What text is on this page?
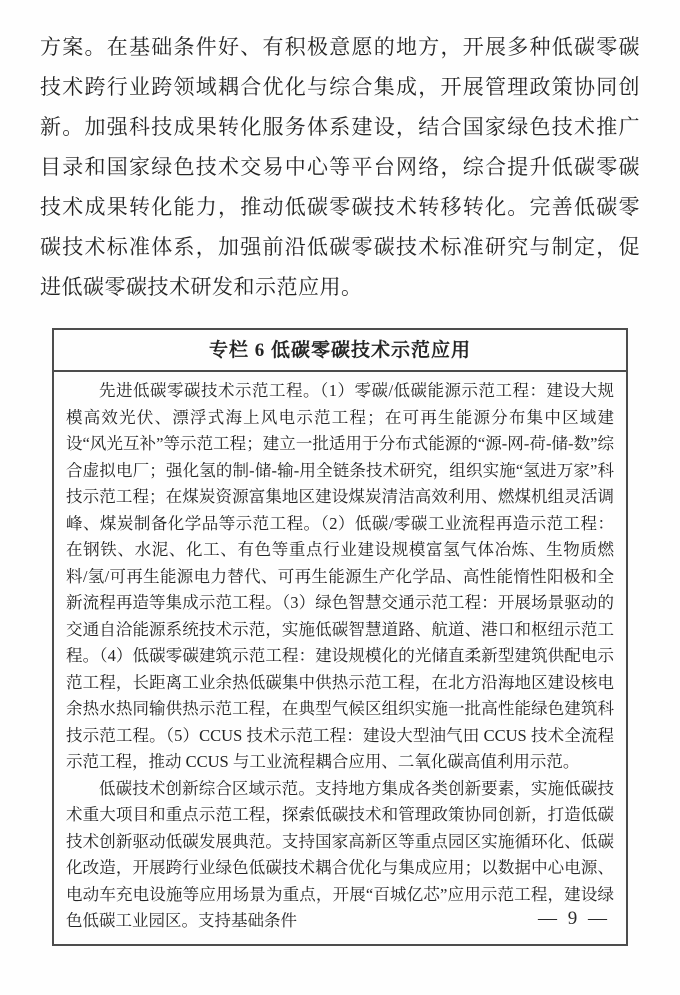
方案。在基础条件好、有积极意愿的地方，开展多种低碳零碳技术跨行业跨领域耦合优化与综合集成，开展管理政策协同创新。加强科技成果转化服务体系建设，结合国家绿色技术推广目录和国家绿色技术交易中心等平台网络，综合提升低碳零碳技术成果转化能力，推动低碳零碳技术转移转化。完善低碳零碳技术标准体系，加强前沿低碳零碳技术标准研究与制定，促进低碳零碳技术研发和示范应用。
专栏 6 低碳零碳技术示范应用

先进低碳零碳技术示范工程。（1）零碳/低碳能源示范工程：建设大规模高效光伏、漂浮式海上风电示范工程；在可再生能源分布集中区域建设“风光互补”等示范工程；建立一批适用于分布式能源的“源-网-荷-储-数”综合虚拟电厂；强化氢的制-储-输-用全链条技术研究，组织实施“氢进万家”科技示范工程；在煤炭资源富集地区建设煤炭清洁高效利用、燃煤机组灵活调峰、煤炭制备化学品等示范工程。（2）低碳/零碳工业流程再造示范工程：在钢铁、水泥、化工、有色等重点行业建设规模富氢气体冶炼、生物质燃料/氢/可再生能源电力替代、可再生能源生产化学品、高性能惰性阳极和全新流程再造等集成示范工程。（3）绿色智慧交通示范工程：开展场景驱动的交通自洽能源系统技术示范，实施低碳智慧道路、航道、港口和枢纽示范工程。（4）低碳零碳建筑示范工程：建设规模化的光储直柔新型建筑供配电示范工程，长距离工业余热低碳集中供热示范工程，在北方沿海地区建设核电余热水热同输供热示范工程，在典型气候区组织实施一批高性能绿色建筑科技示范工程。（5）CCUS 技术示范工程：建设大型油气田 CCUS 技术全流程示范工程，推动 CCUS 与工业流程耦合应用、二氧化碳高值利用示范。

低碳技术创新综合区域示范。支持地方集成各类创新要素，实施低碳技术重大项目和重点示范工程，探索低碳技术和管理政策协同创新，打造低碳技术创新驱动低碳发展典范。支持国家高新区等重点园区实施循环化、低碳化改造，开展跨行业绿色低碳技术耦合优化与集成应用；以数据中心电源、电动车充电设施等应用场景为重点，开展“百城亿芯”应用示范工程，建设绿色低碳工业园区。支持基础条件	— 9 —
